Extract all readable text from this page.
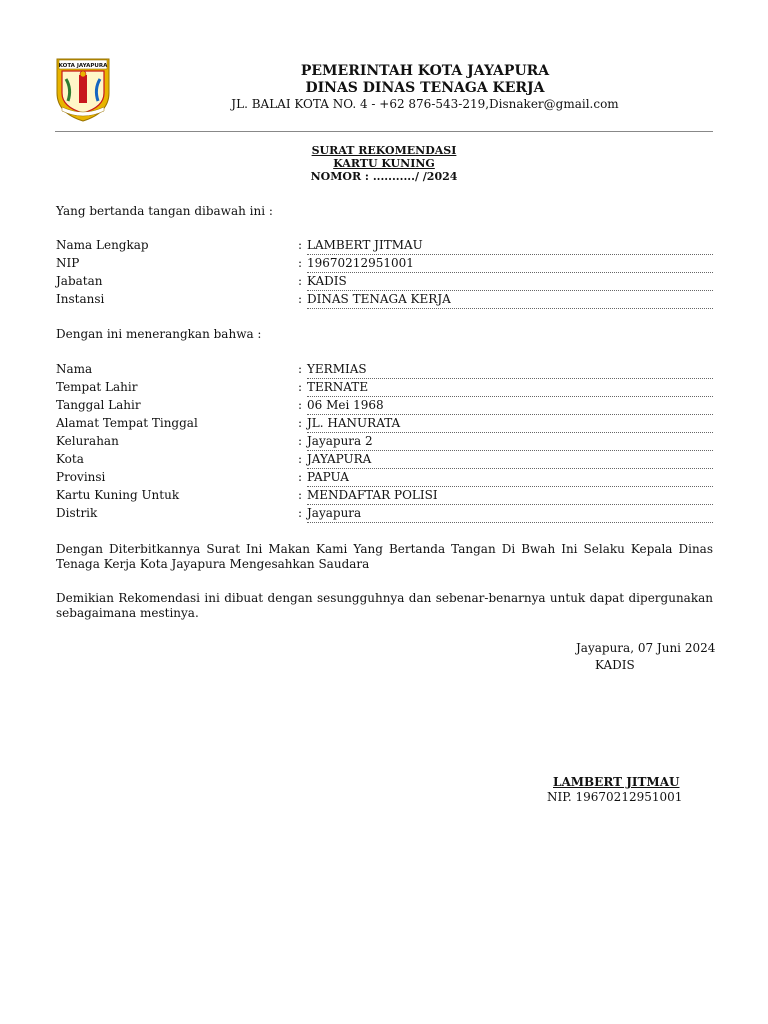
KOTA JAYAPURA	PEMERINTAH KOTA JAYAPURA
DINAS DINAS TENAGA KERJA
JL. BALAI KOTA NO. 4 - +62 876-543-219,Disnaker@gmail.com
SURAT REKOMENDASI
KARTU KUNING
NOMOR : .........../ /2024
Yang bertanda tangan dibawah ini :
Nama Lengkap	: LAMBERT JITMAU
NIP	: 19670212951001
Jabatan	: KADIS
Instansi	: DINAS TENAGA KERJA
Dengan ini menerangkan bahwa :
Nama	: YERMIAS
Tempat Lahir	: TERNATE
Tanggal Lahir	: 06 Mei 1968
Alamat Tempat Tinggal	: JL. HANURATA
Kelurahan	: Jayapura 2
Kota	: JAYAPURA
Provinsi	: PAPUA
Kartu Kuning Untuk	: MENDAFTAR POLISI
Distrik	: Jayapura
Dengan Diterbitkannya Surat Ini Makan Kami Yang Bertanda Tangan Di Bwah Ini Selaku Kepala Dinas Tenaga Kerja Kota Jayapura Mengesahkan Saudara
Demikian Rekomendasi ini dibuat dengan sesungguhnya dan sebenar-benarnya untuk dapat dipergunakan sebagaimana mestinya.
Jayapura, 07 Juni 2024
KADIS
LAMBERT JITMAU
NIP. 19670212951001
